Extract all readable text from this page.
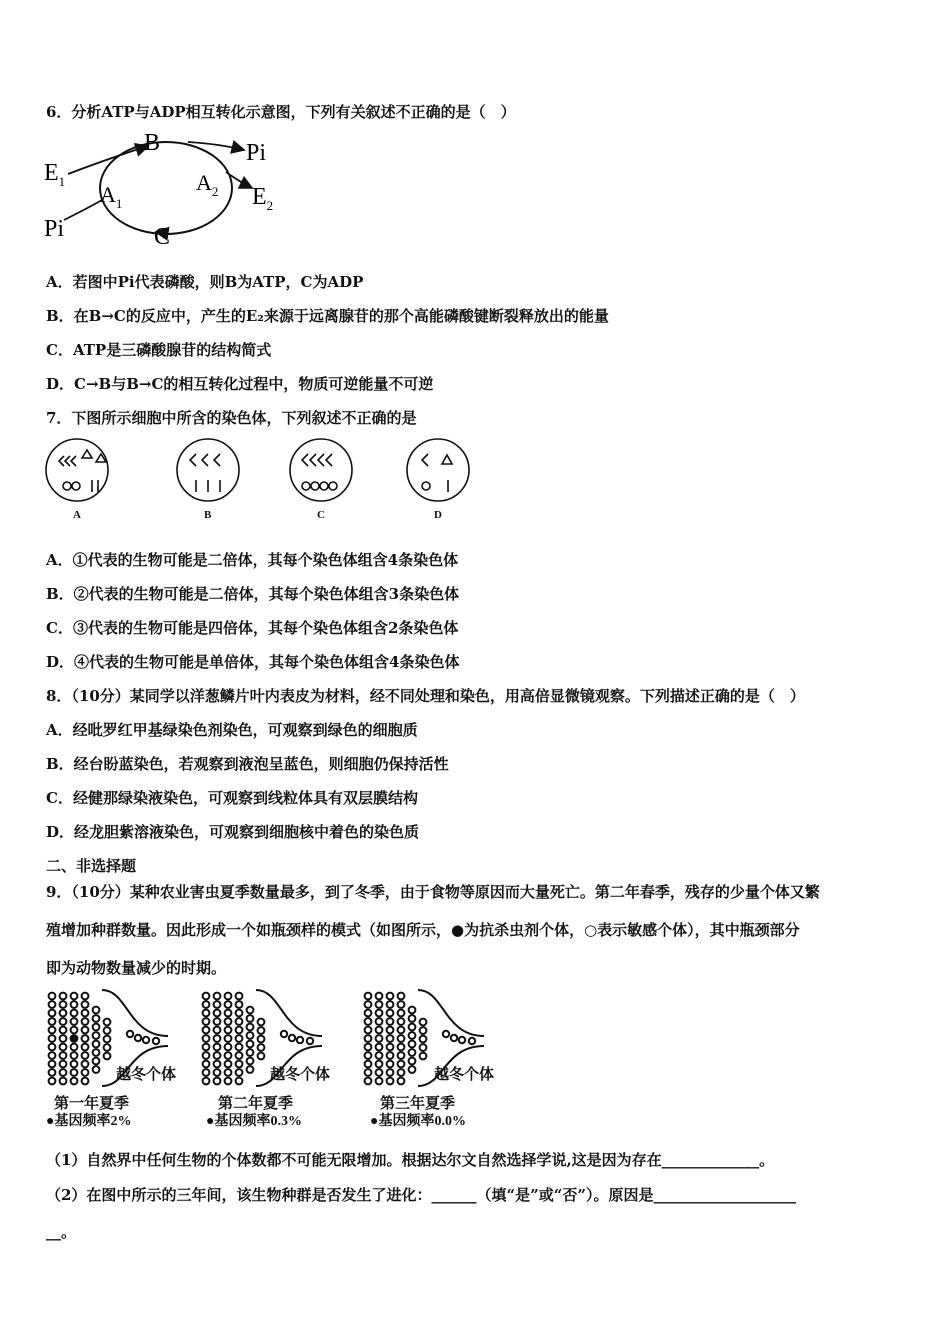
6．分析ATP与ADP相互转化示意图，下列有关叙述不正确的是（　）
$E_1$
Pi
$A_1$
B	Pi
$A_2$ $E_2$
C
A．若图中Pi代表磷酸，则B为ATP，C为ADP
B．在B→C的反应中，产生的E₂来源于远离腺苷的那个高能磷酸键断裂释放出的能量
C．ATP是三磷酸腺苷的结构简式
D．C→B与B→C的相互转化过程中，物质可逆能量不可逆
7．下图所示细胞中所含的染色体，下列叙述不正确的是
A	B	C	D
A．①代表的生物可能是二倍体，其每个染色体组含4条染色体
B．②代表的生物可能是二倍体，其每个染色体组含3条染色体
C．③代表的生物可能是四倍体，其每个染色体组含2条染色体
D．④代表的生物可能是单倍体，其每个染色体组含4条染色体
8．（10分）某同学以洋葱鳞片叶内表皮为材料，经不同处理和染色，用高倍显微镜观察。下列描述正确的是（　）
A．经吡罗红甲基绿染色剂染色，可观察到绿色的细胞质
B．经台盼蓝染色，若观察到液泡呈蓝色，则细胞仍保持活性
C．经健那绿染液染色，可观察到线粒体具有双层膜结构
D．经龙胆紫溶液染色，可观察到细胞核中着色的染色质
二、非选择题
9．（10分）某种农业害虫夏季数量最多，到了冬季，由于食物等原因而大量死亡。第二年春季，残存的少量个体又繁
殖增加种群数量。因此形成一个如瓶颈样的模式（如图所示，●为抗杀虫剂个体，○表示敏感个体），其中瓶颈部分
即为动物数量减少的时期。
越冬个体	越冬个体	越冬个体
第一年夏季	第二年夏季	第三年夏季
●基因频率2%	●基因频率0.3%	●基因频率0.0%
（1）自然界中任何生物的个体数都不可能无限增加。根据达尔文自然选择学说,这是因为存在_____________。
（2）在图中所示的三年间，该生物种群是否发生了进化：______（填“是”或“否”）。原因是___________________
__。
